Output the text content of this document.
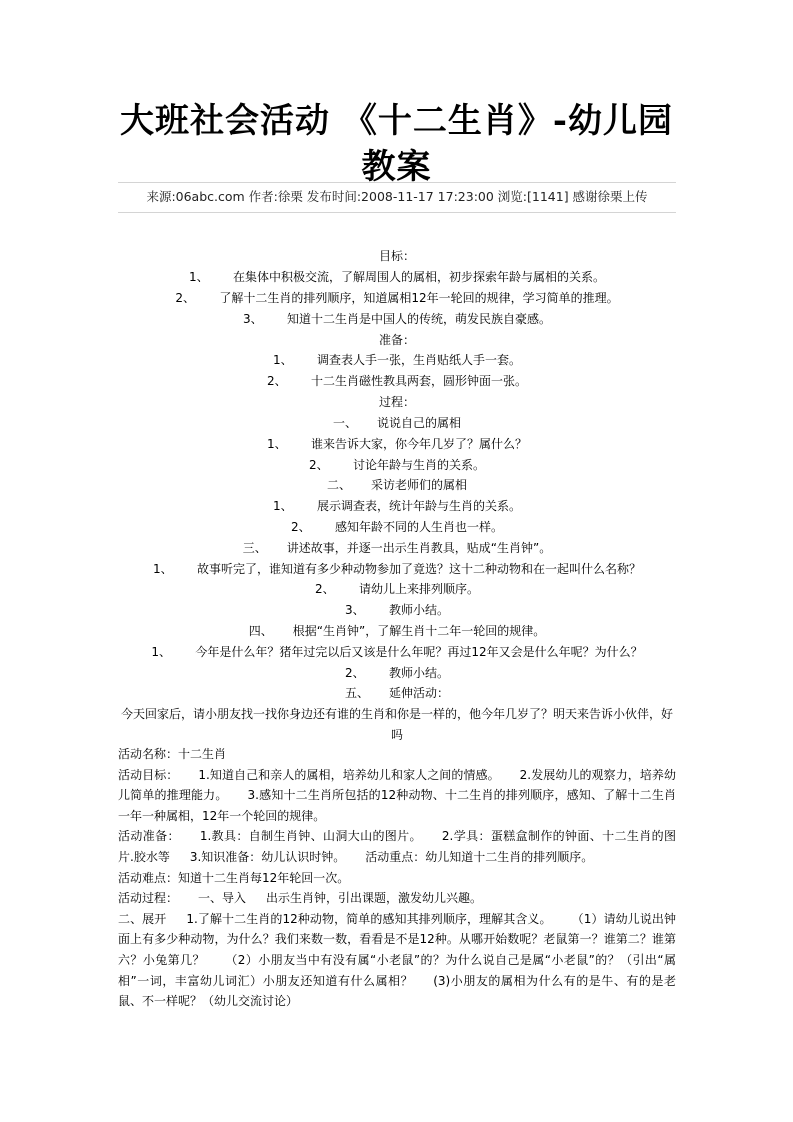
大班社会活动 《十二生肖》-幼儿园教案
来源:06abc.com 作者:徐栗 发布时间:2008-11-17 17:23:00 浏览:[1141] 感谢徐栗上传
目标：
1、 在集体中积极交流，了解周围人的属相，初步探索年龄与属相的关系。
2、 了解十二生肖的排列顺序，知道属相12年一轮回的规律，学习简单的推理。
3、 知道十二生肖是中国人的传统，萌发民族自豪感。
准备：
1、 调查表人手一张，生肖贴纸人手一套。
2、 十二生肖磁性教具两套，圆形钟面一张。
过程：
一、 说说自己的属相
1、 谁来告诉大家，你今年几岁了？属什么？
2、 讨论年龄与生肖的关系。
二、 采访老师们的属相
1、 展示调查表，统计年龄与生肖的关系。
2、 感知年龄不同的人生肖也一样。
三、 讲述故事，并逐一出示生肖教具，贴成“生肖钟”。
1、 故事听完了，谁知道有多少种动物参加了竟选？这十二种动物和在一起叫什么名称？
2、 请幼儿上来排列顺序。
3、 教师小结。
四、 根据“生肖钟”，了解生肖十二年一轮回的规律。
1、 今年是什么年？猪年过完以后又该是什么年呢？再过12年又会是什么年呢？为什么？
2、 教师小结。
五、 延伸活动：
今天回家后，请小朋友找一找你身边还有谁的生肖和你是一样的，他今年几岁了？明天来告诉小伙伴，好
吗

活动名称：十二生肖

活动目标： 1.知道自己和亲人的属相，培养幼儿和家人之间的情感。 2.发展幼儿的观察力，培养幼儿简单的推理能力。 3.感知十二生肖所包括的12种动物、十二生肖的排列顺序，感知、了解十二生肖一年一种属相，12年一个轮回的规律。

活动准备： 1.教具：自制生肖钟、山洞大山的图片。 2.学具：蛋糕盒制作的钟面、十二生肖的图片.胶水等 3.知识准备：幼儿认识时钟。 活动重点：幼儿知道十二生肖的排列顺序。

活动难点：知道十二生肖每12年轮回一次。

活动过程： 一、导入 出示生肖钟，引出课题，激发幼儿兴趣。

二、展开 1.了解十二生肖的12种动物，简单的感知其排列顺序，理解其含义。 （1）请幼儿说出钟面上有多少种动物，为什么？我们来数一数，看看是不是12种。从哪开始数呢？老鼠第一？谁第二？谁第六？小兔第几？ （2）小朋友当中有没有属“小老鼠”的？为什么说自己是属“小老鼠”的？（引出“属相”一词，丰富幼儿词汇）小朋友还知道有什么属相？ (3)小朋友的属相为什么有的是牛、有的是老鼠、不一样呢？（幼儿交流讨论）
